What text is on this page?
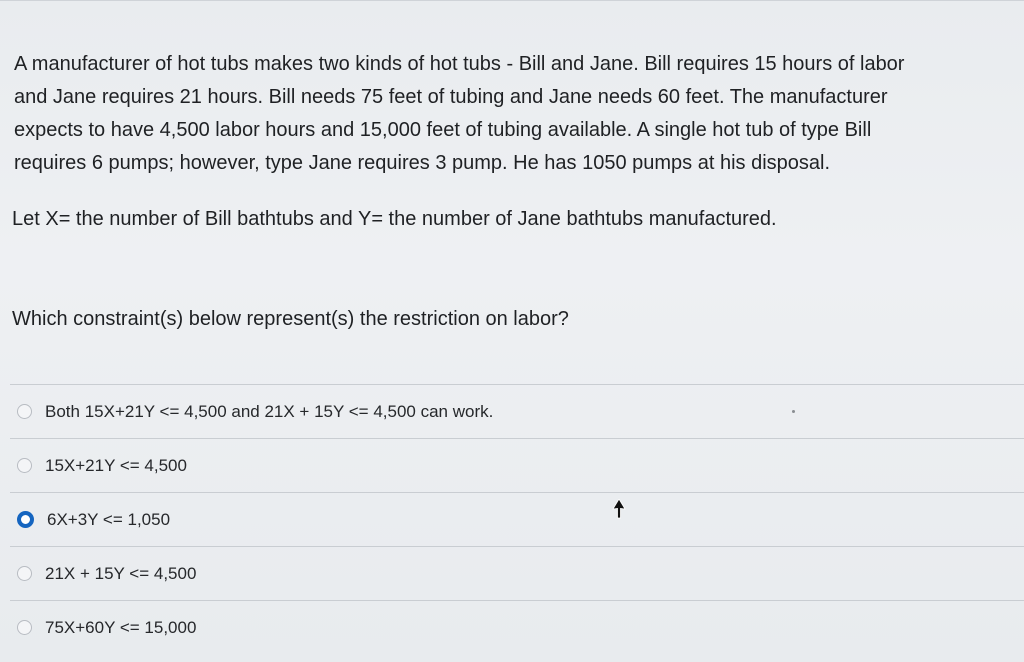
A manufacturer of hot tubs makes two kinds of hot tubs - Bill and Jane. Bill requires 15 hours of labor

and Jane requires 21 hours. Bill needs 75 feet of tubing and Jane needs 60 feet. The manufacturer

expects to have 4,500 labor hours and 15,000 feet of tubing available. A single hot tub of type Bill

requires 6 pumps; however, type Jane requires 3 pump. He has 1050 pumps at his disposal.

Let X= the number of Bill bathtubs and Y= the number of Jane bathtubs manufactured.
Which constraint(s) below represent(s) the restriction on labor?
Both 15X+21Y <= 4,500 and 21X + 15Y <= 4,500 can work.
15X+21Y <= 4,500
6X+3Y <= 1,050
21X + 15Y <= 4,500
75X+60Y <= 15,000
